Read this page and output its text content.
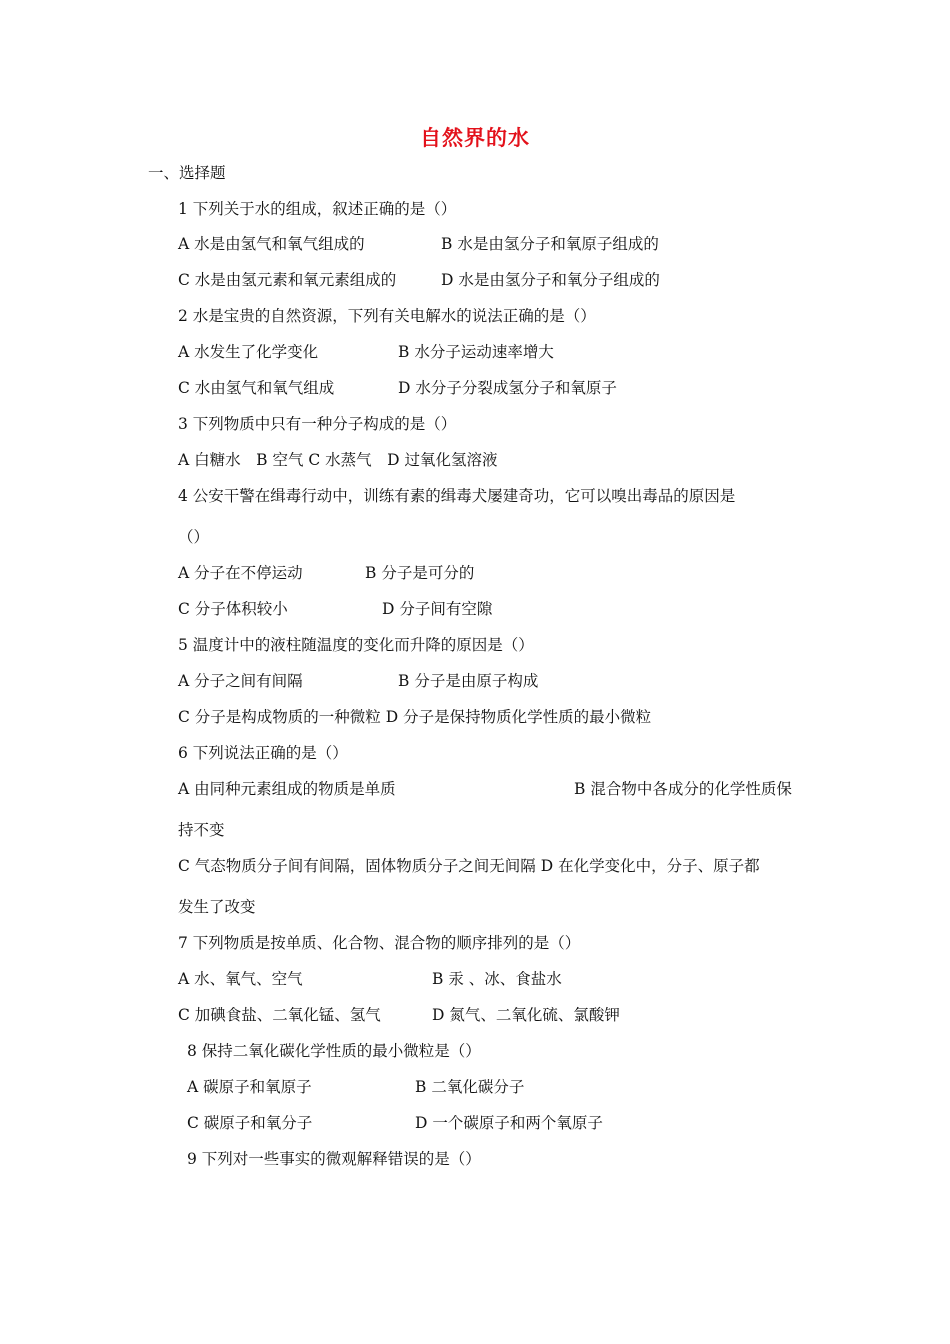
自然界的水
一、选择题
1 下列关于水的组成，叙述正确的是（）
A 水是由氢气和氧气组成的	B 水是由氢分子和氧原子组成的
C 水是由氢元素和氧元素组成的	D 水是由氢分子和氧分子组成的
2 水是宝贵的自然资源，下列有关电解水的说法正确的是（）
A 水发生了化学变化	B 水分子运动速率增大
C 水由氢气和氧气组成	D 水分子分裂成氢分子和氧原子
3 下列物质中只有一种分子构成的是（）
A 白糖水　B 空气 C 水蒸气　D 过氧化氢溶液
4 公安干警在缉毒行动中，训练有素的缉毒犬屡建奇功，它可以嗅出毒品的原因是
（）
A 分子在不停运动	B 分子是可分的
C 分子体积较小	D 分子间有空隙
5 温度计中的液柱随温度的变化而升降的原因是（）
A 分子之间有间隔	B 分子是由原子构成
C 分子是构成物质的一种微粒 D 分子是保持物质化学性质的最小微粒
6 下列说法正确的是（）
A 由同种元素组成的物质是单质	B 混合物中各成分的化学性质保
持不变
C 气态物质分子间有间隔，固体物质分子之间无间隔 D 在化学变化中，分子、原子都
发生了改变
7 下列物质是按单质、化合物、混合物的顺序排列的是（）
A 水、氧气、空气	B 汞 、冰、食盐水
C 加碘食盐、二氧化锰、氢气	D 氮气、二氧化硫、氯酸钾
8 保持二氧化碳化学性质的最小微粒是（）
A 碳原子和氧原子	B 二氧化碳分子
C 碳原子和氧分子	D 一个碳原子和两个氧原子
9 下列对一些事实的微观解释错误的是（）
